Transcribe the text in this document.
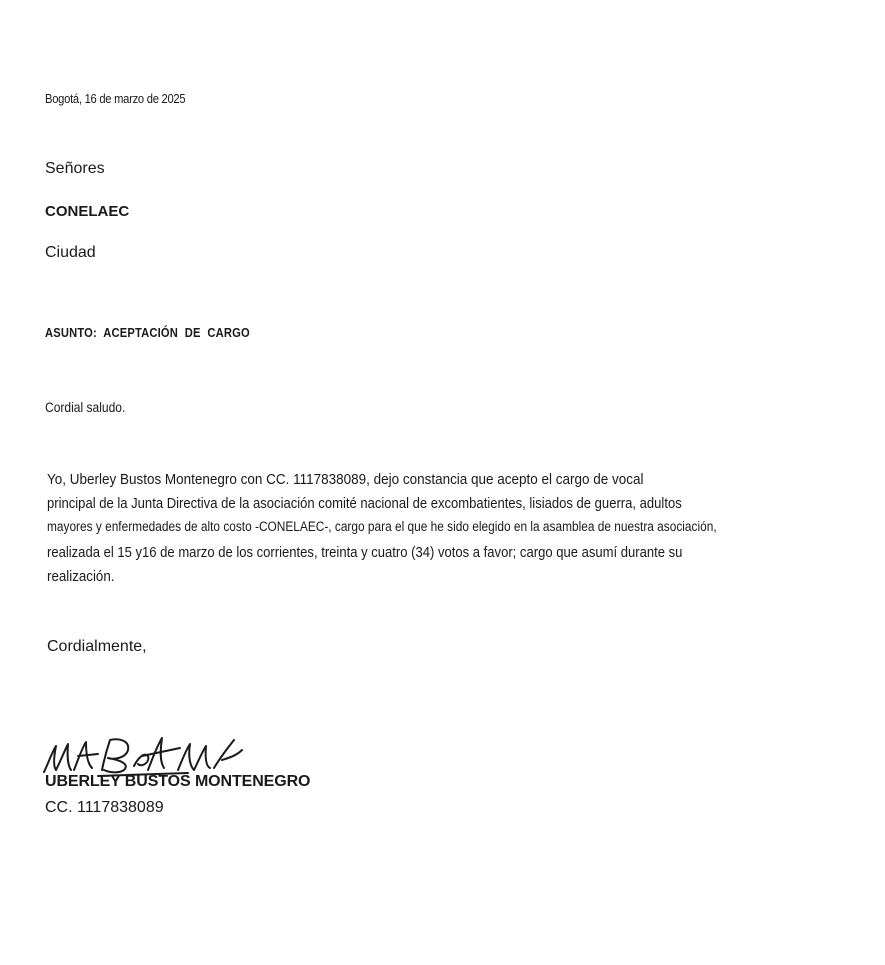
Bogotá, 16 de marzo de 2025
Señores
CONELAEC
Ciudad
ASUNTO: ACEPTACIÓN DE CARGO
Cordial saludo.
Yo, Uberley Bustos Montenegro con CC. 1117838089, dejo constancia que acepto el cargo de vocal
principal de la Junta Directiva de la asociación comité nacional de excombatientes, lisiados de guerra, adultos
mayores y enfermedades de alto costo -CONELAEC-, cargo para el que he sido elegido en la asamblea de nuestra asociación,
realizada el 15 y16 de marzo de los corrientes, treinta y cuatro (34) votos a favor; cargo que asumí durante su
realización.
Cordialmente,
UBERLEY BUSTOS MONTENEGRO
CC. 1117838089
